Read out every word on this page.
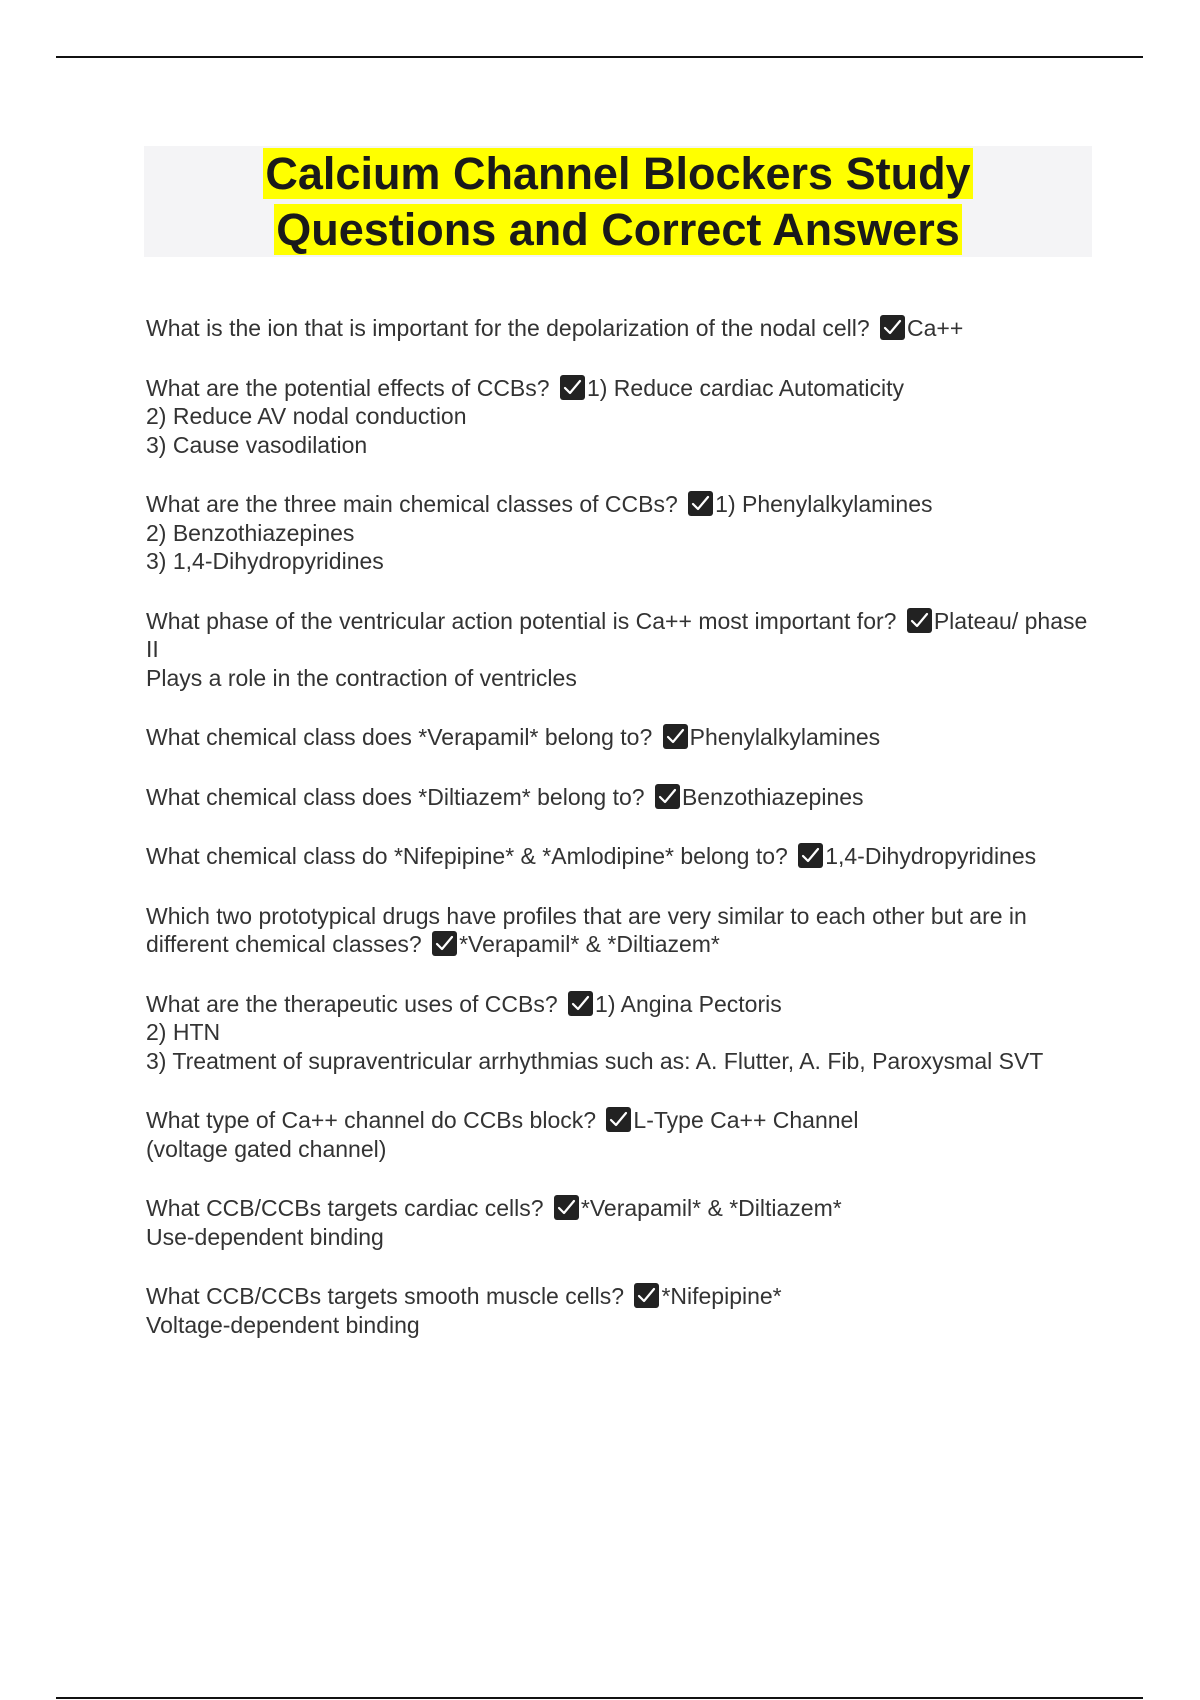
Calcium Channel Blockers Study
Questions and Correct Answers
What is the ion that is important for the depolarization of the nodal cell? Ca++
What are the potential effects of CCBs? 1) Reduce cardiac Automaticity
2) Reduce AV nodal conduction
3) Cause vasodilation
What are the three main chemical classes of CCBs? 1) Phenylalkylamines
2) Benzothiazepines
3) 1,4-Dihydropyridines
What phase of the ventricular action potential is Ca++ most important for? Plateau/ phase II
Plays a role in the contraction of ventricles
What chemical class does *Verapamil* belong to? Phenylalkylamines
What chemical class does *Diltiazem* belong to? Benzothiazepines
What chemical class do *Nifepipine* & *Amlodipine* belong to? 1,4-Dihydropyridines
Which two prototypical drugs have profiles that are very similar to each other but are in different chemical classes? *Verapamil* & *Diltiazem*
What are the therapeutic uses of CCBs? 1) Angina Pectoris
2) HTN
3) Treatment of supraventricular arrhythmias such as: A. Flutter, A. Fib, Paroxysmal SVT
What type of Ca++ channel do CCBs block? L-Type Ca++ Channel
(voltage gated channel)
What CCB/CCBs targets cardiac cells? *Verapamil* & *Diltiazem*
Use-dependent binding
What CCB/CCBs targets smooth muscle cells? *Nifepipine*
Voltage-dependent binding
